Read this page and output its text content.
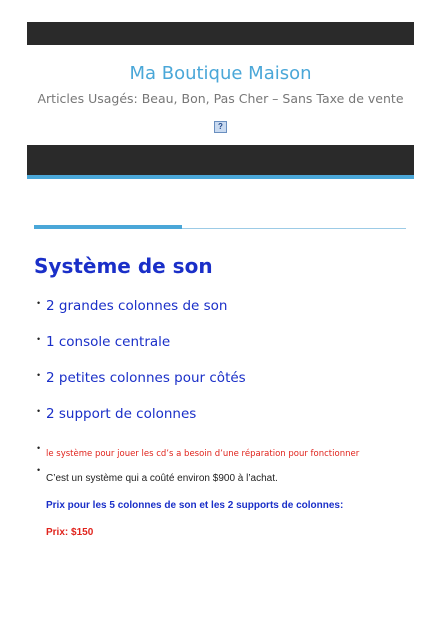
Ma Boutique Maison
Articles Usagés: Beau, Bon, Pas Cher – Sans Taxe de vente
?
Système de son
• 2 grandes colonnes de son
• 1 console centrale
• 2 petites colonnes pour côtés
• 2 support de colonnes
•
le système pour jouer les cd’s a besoin d’une réparation pour fonctionner
•
C’est un système qui a coûté environ $900 à l’achat.
Prix pour les 5 colonnes de son et les 2 supports de colonnes:
Prix: $150
